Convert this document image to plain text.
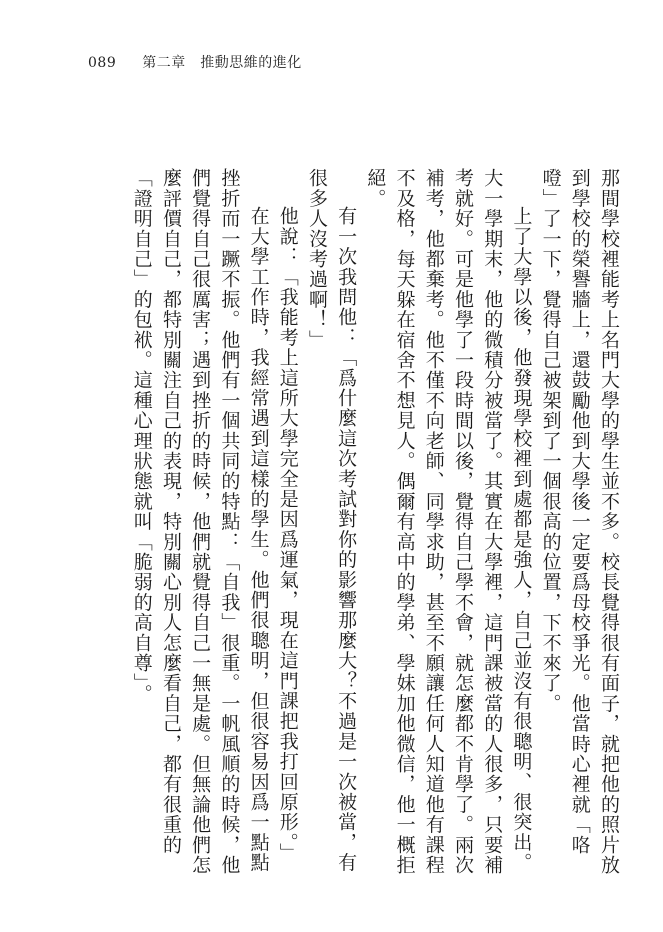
089 第二章　推動思維的進化

那間學校裡能考上名門大學的學生並不多。校長覺得很有面子，就把他的照片放到學校的榮譽牆上，還鼓勵他到大學後一定要爲母校爭光。他當時心裡就「咯噔」了一下，覺得自己被架到了一個很高的位置，下不來了。

上了大學以後，他發現學校裡到處都是強人，自己並沒有很聰明、很突出。大一學期末，他的微積分被當了。其實在大學裡，這門課被當的人很多，只要補考就好。可是他學了一段時間以後，覺得自己學不會，就怎麼都不肯學了。兩次補考，他都棄考。他不僅不向老師、同學求助，甚至不願讓任何人知道他有課程不及格，每天躲在宿舍不想見人。偶爾有高中的學弟、學妹加他微信，他一概拒絕。

有一次我問他：「爲什麼這次考試對你的影響那麼大？不過是一次被當，有很多人沒考過啊！」

他說：「我能考上這所大學完全是因爲運氣，現在這門課把我打回原形。」

在大學工作時，我經常遇到這樣的學生。他們很聰明，但很容易因爲一點點挫折而一蹶不振。他們有一個共同的特點：「自我」很重。一帆風順的時候，他們覺得自己很厲害；遇到挫折的時候，他們就覺得自己一無是處。但無論他們怎麼評價自己，都特別關注自己的表現，特別關心別人怎麼看自己，都有很重的「證明自己」的包袱。這種心理狀態就叫「脆弱的高自尊」。
